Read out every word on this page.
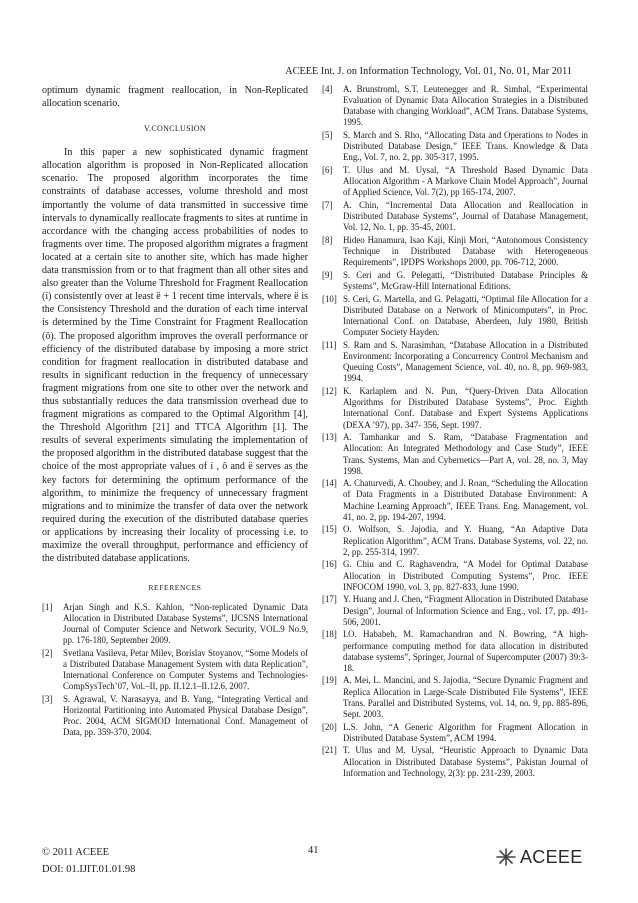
ACEEE Int. J. on Information Technology, Vol. 01, No. 01, Mar 2011

optimum dynamic fragment reallocation, in Non-Replicated allocation scenario.

V.CONCLUSION

In this paper a new sophisticated dynamic fragment allocation algorithm is proposed in Non-Replicated allocation scenario. The proposed algorithm incorporates the time constraints of database accesses, volume threshold and most importantly the volume of data transmitted in successive time intervals to dynamically reallocate fragments to sites at runtime in accordance with the changing access probabilities of nodes to fragments over time. The proposed algorithm migrates a fragment located at a certain site to another site, which has made higher data transmission from or to that fragment than all other sites and also greater than the Volume Threshold for Fragment Reallocation (í) consistently over at least ë + 1 recent time intervals, where ë is the Consistency Threshold and the duration of each time interval is determined by the Time Constraint for Fragment Reallocation (ô). The proposed algorithm improves the overall performance or efficiency of the distributed database by imposing a more strict condition for fragment reallocation in distributed database and results in significant reduction in the frequency of unnecessary fragment migrations from one site to other over the network and thus substantially reduces the data transmission overhead due to fragment migrations as compared to the Optimal Algorithm [4], the Threshold Algorithm [21] and TTCA Algorithm [1]. The results of several experiments simulating the implementation of the proposed algorithm in the distributed database suggest that the choice of the most appropriate values of í , ô and ë serves as the key factors for determining the optimum performance of the algorithm, to minimize the frequency of unnecessary fragment migrations and to minimize the transfer of data over the network required during the execution of the distributed database queries or applications by increasing their locality of processing i.e. to maximize the overall throughput, performance and efficiency of the distributed database applications.

REFERENCES
[1]	Arjan Singh and K.S. Kahlon, “Non-replicated Dynamic Data Allocation in Distributed Database Systems”, IJCSNS International Journal of Computer Science and Network Security, VOL.9 No.9, pp. 176-180, September 2009.
[2]	Svetlana Vasileva, Petar Milev, Borislav Stoyanov, “Some Models of a Distributed Database Management System with data Replication”, International Conference on Computer Systems and Technologies-CompSysTech’07, Vol.–II, pp. II.12.1–II.12.6, 2007.
[3]	S. Agrawal, V. Narasayya, and B. Yang, “Integrating Vertical and Horizontal Partitioning into Automated Physical Database Design”, Proc. 2004, ACM SIGMOD International Conf. Management of Data, pp. 359-370, 2004.
[4]	A. Brunstroml, S.T. Leutenegger and R. Simhal, “Experimental Evaluation of Dynamic Data Allocation Strategies in a Distributed Database with changing Workload”, ACM Trans. Database Systems, 1995.
[5]	S. March and S. Rho, “Allocating Data and Operations to Nodes in Distributed Database Design,” IEEE Trans. Knowledge & Data Eng., Vol. 7, no. 2, pp. 305-317, 1995.
[6]	T. Ulus and M. Uysal, “A Threshold Based Dynamic Data Allocation Algorithm - A Markove Chain Model Approach”, Journal of Applied Science, Vol. 7(2), pp 165-174, 2007.
[7]	A. Chin, “Incremental Data Allocation and Reallocation in Distributed Database Systems”, Journal of Database Management, Vol. 12, No. 1, pp. 35-45, 2001.
[8]	Hideo Hanamura, Isao Kaji, Kinji Mori, “Autonomous Consistency Technique in Distributed Database with Heterogeneous Requirements”, IPDPS Workshops 2000, pp. 706-712, 2000.
[9]	S. Ceri and G. Pelegatti, “Distributed Database Principles & Systems”, McGraw-Hill International Editions.
[10] S. Ceri, G. Martella, and G. Pelagatti, “Optimal file Allocation for a Distributed Database on a Network of Minicomputers”, in Proc. International Conf. on Database, Aberdeen, July 1980, British Computer Society Hayden.
[11] S. Ram and S. Narasimhan, “Database Allocation in a Distributed Environment: Incorporating a Concurrency Control Mechanism and Queuing Costs”, Management Science, vol. 40, no. 8, pp. 969-983, 1994.
[12] K. Karlaplem and N. Pun, “Query-Driven Data Allocation Algorithms for Distributed Database Systems”, Proc. Eighth International Conf. Database and Expert Systems Applications (DEXA ’97), pp. 347- 356, Sept. 1997.
[13] A. Tamhankar and S. Ram, “Database Fragmentation and Allocation: An Integrated Methodology and Case Study”, IEEE Trans. Systems, Man and Cybernetics—Part A, vol. 28, no. 3, May 1998.
[14] A. Chaturvedi, A. Choubey, and J. Roan, “Scheduling the Allocation of Data Fragments in a Distributed Database Environment: A Machine Learning Approach”, IEEE Trans. Eng. Management, vol. 41, no. 2, pp. 194-207, 1994.
[15] O. Wolfson, S. Jajodia, and Y. Huang, “An Adaptive Data Replication Algorithm”, ACM Trans. Database Systems, vol. 22, no. 2, pp. 255-314, 1997.
[16] G. Chiu and C. Raghavendra, “A Model for Optimal Database Allocation in Distributed Computing Systems”, Proc. IEEE INFOCOM 1990, vol. 3, pp. 827-833, June 1990.
[17] Y. Huang and J. Chen, “Fragment Allocation in Distributed Database Design”, Journal of Information Science and Eng., vol. 17, pp. 491- 506, 2001.
[18] I.O. Hababeh, M. Ramachandran and N. Bowring, “A high-performance computing method for data allocation in distributed database systems”, Springer, Journal of Supercomputer (2007) 39:3-18.
[19] A. Mei, L. Mancini, and S. Jajodia, “Secure Dynamic Fragment and Replica Allocation in Large-Scale Distributed File Systems”, IEEE Trans. Parallel and Distributed Systems, vol. 14, no. 9, pp. 885-896, Sept. 2003.
[20] L.S. John, “A Generic Algorithm for Fragment Allocation in Distributed Database System”, ACM 1994.
[21] T. Ulus and M. Uysal, “Heuristic Approach to Dynamic Data Allocation in Distributed Database Systems”, Pakistan Journal of Information and Technology, 2(3): pp. 231-239, 2003.
© 2011 ACEEE
DOI: 01.IJIT.01.01.98
41	ACEEE
